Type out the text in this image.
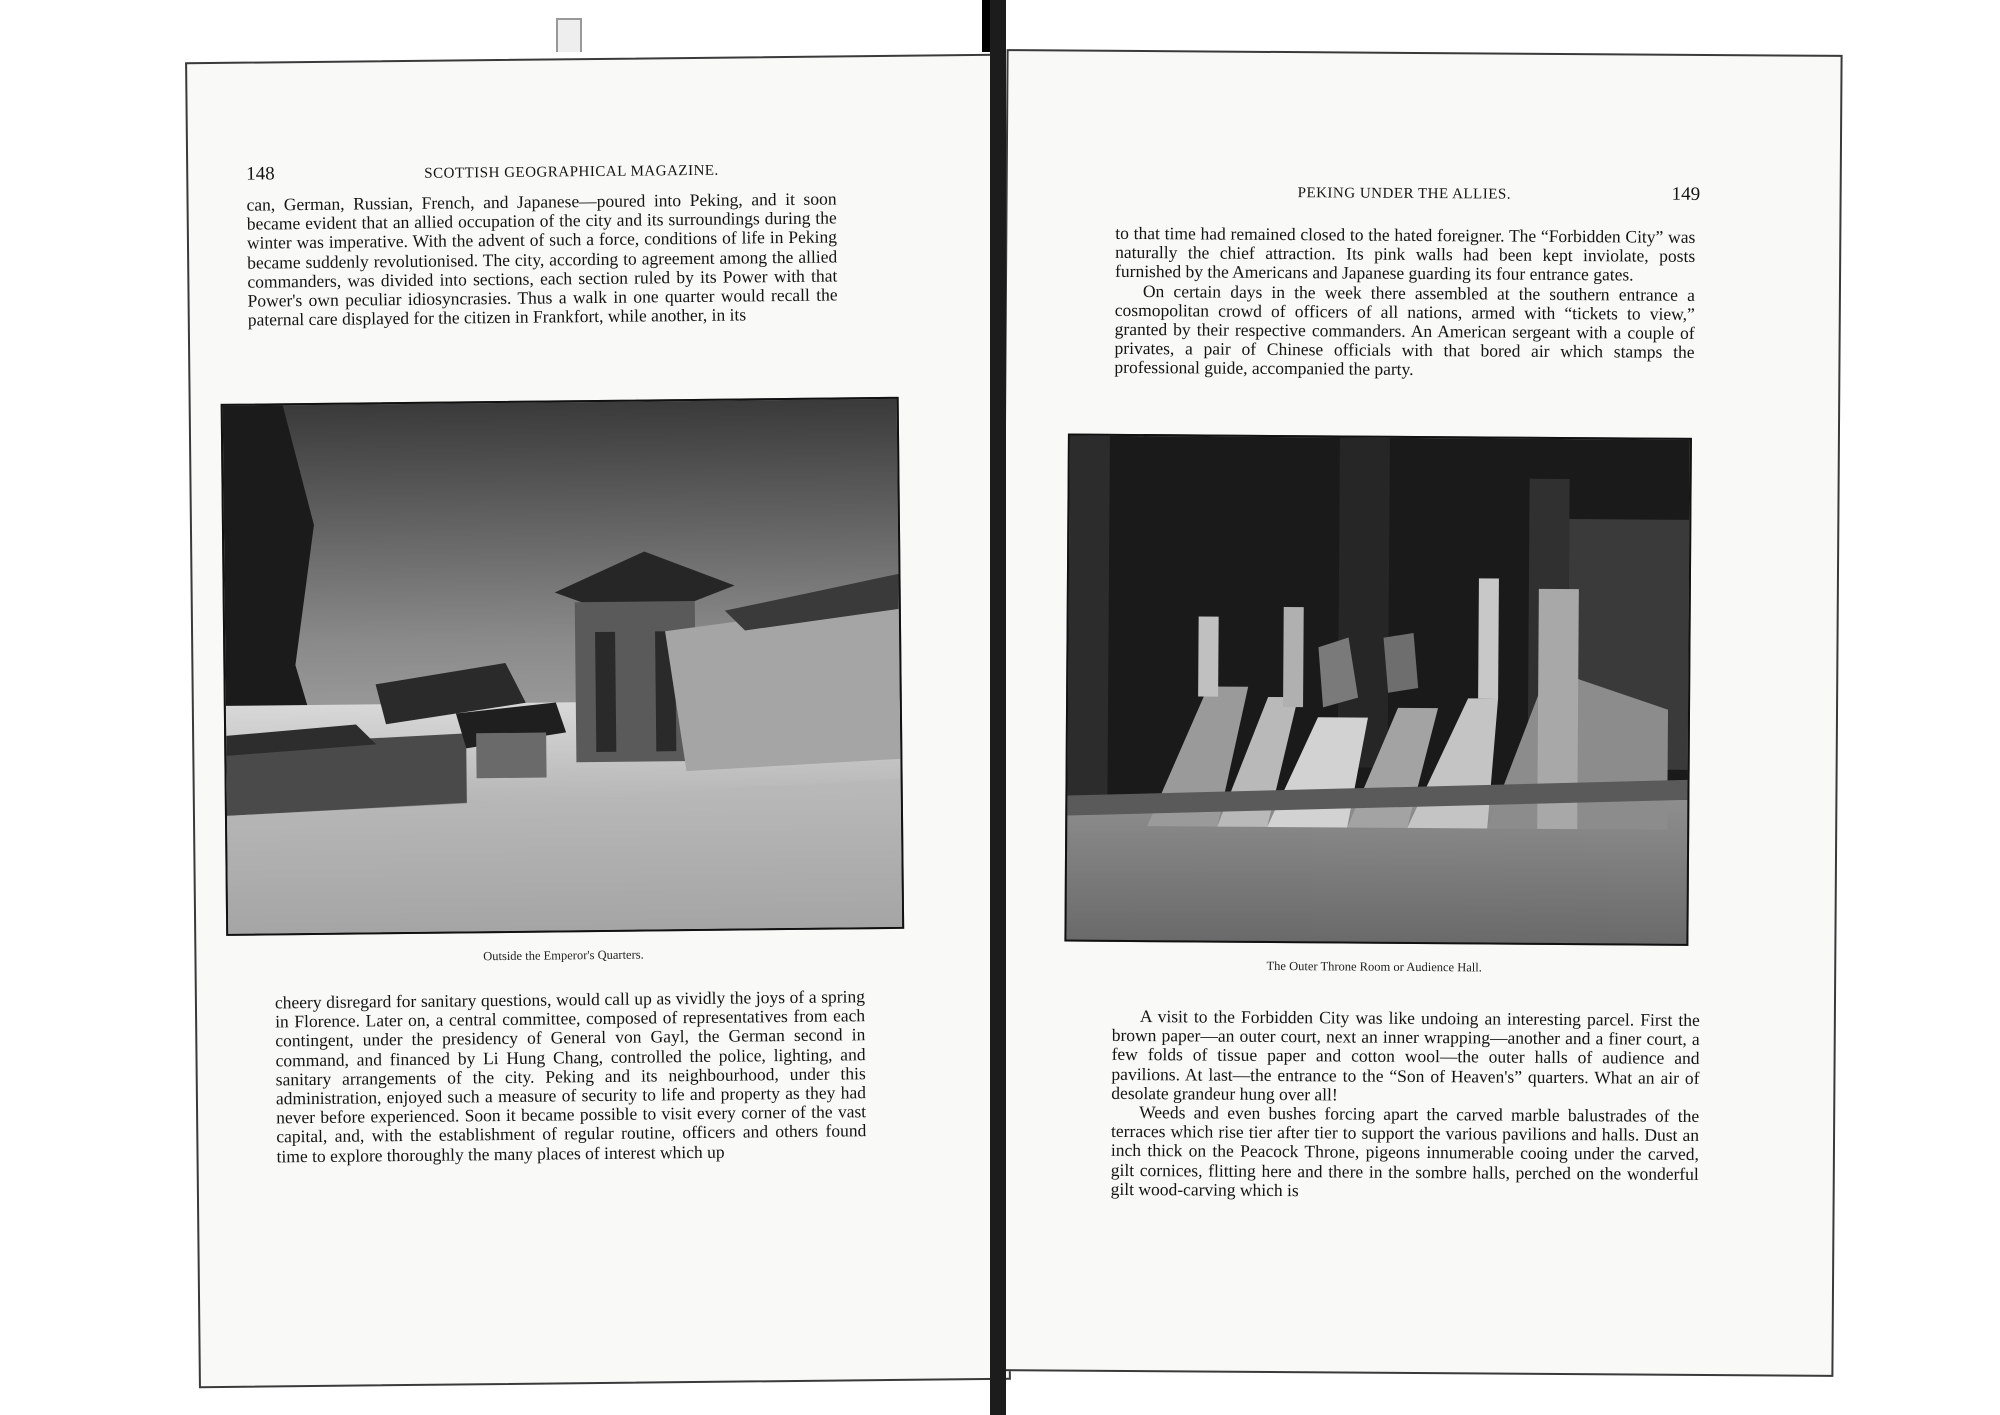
148	SCOTTISH GEOGRAPHICAL MAGAZINE.

can, German, Russian, French, and Japanese—poured into Peking, and it soon became evident that an allied occupation of the city and its surroundings during the winter was imperative. With the advent of such a force, conditions of life in Peking became suddenly revolutionised. The city, according to agreement among the allied commanders, was divided into sections, each section ruled by its Power with that Power's own peculiar idiosyncrasies. Thus a walk in one quarter would recall the paternal care displayed for the citizen in Frankfort, while another, in its

Outside the Emperor's Quarters.

cheery disregard for sanitary questions, would call up as vividly the joys of a spring in Florence. Later on, a central committee, composed of representatives from each contingent, under the presidency of General von Gayl, the German second in command, and financed by Li Hung Chang, controlled the police, lighting, and sanitary arrangements of the city. Peking and its neighbourhood, under this administration, enjoyed such a measure of security to life and property as they had never before experienced. Soon it became possible to visit every corner of the vast capital, and, with the establishment of regular routine, officers and others found time to explore thoroughly the many places of interest which up

PEKING UNDER THE ALLIES.	149

to that time had remained closed to the hated foreigner. The “Forbidden City” was naturally the chief attraction. Its pink walls had been kept inviolate, posts furnished by the Americans and Japanese guarding its four entrance gates.

On certain days in the week there assembled at the southern entrance a cosmopolitan crowd of officers of all nations, armed with “tickets to view,” granted by their respective commanders. An American sergeant with a couple of privates, a pair of Chinese officials with that bored air which stamps the professional guide, accompanied the party.

The Outer Throne Room or Audience Hall.

A visit to the Forbidden City was like undoing an interesting parcel. First the brown paper—an outer court, next an inner wrapping—another and a finer court, a few folds of tissue paper and cotton wool—the outer halls of audience and pavilions. At last—the entrance to the “Son of Heaven's” quarters. What an air of desolate grandeur hung over all!

Weeds and even bushes forcing apart the carved marble balustrades of the terraces which rise tier after tier to support the various pavilions and halls. Dust an inch thick on the Peacock Throne, pigeons innumerable cooing under the carved, gilt cornices, flitting here and there in the sombre halls, perched on the wonderful gilt wood-carving which is
